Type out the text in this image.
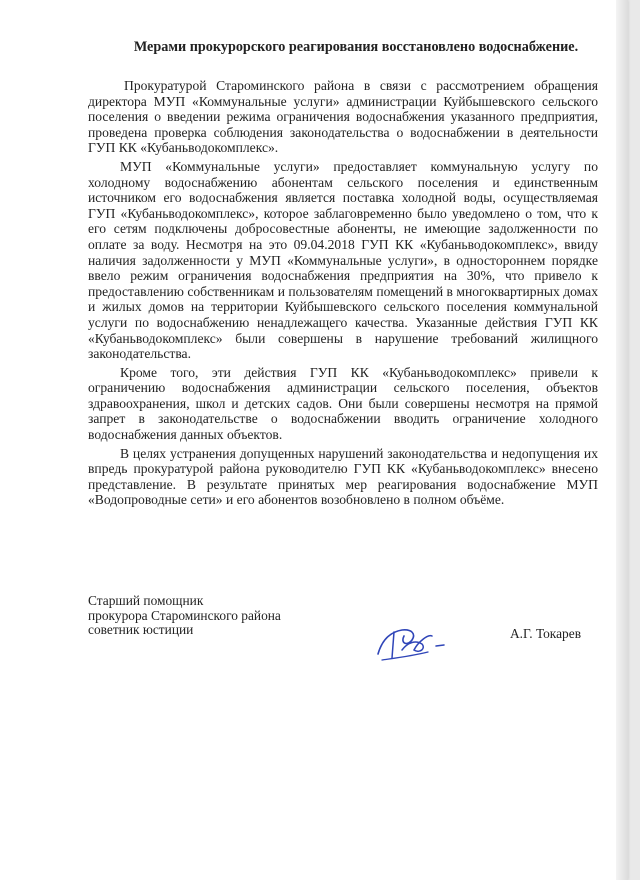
Мерами прокурорского реагирования восстановлено водоснабжение.

Прокуратурой Староминского района в связи с рассмотрением обращения директора МУП «Коммунальные услуги» администрации Куйбышевского сельского поселения о введении режима ограничения водоснабжения указанного предприятия, проведена проверка соблюдения законодательства о водоснабжении в деятельности ГУП КК «Кубаньводокомплекс».

МУП «Коммунальные услуги» предоставляет коммунальную услугу по холодному водоснабжению абонентам сельского поселения и единственным источником его водоснабжения является поставка холодной воды, осуществляемая ГУП «Кубаньводокомплекс», которое заблаговременно было уведомлено о том, что к его сетям подключены добросовестные абоненты, не имеющие задолженности по оплате за воду. Несмотря на это 09.04.2018 ГУП КК «Кубаньводокомплекс», ввиду наличия задолженности у МУП «Коммунальные услуги», в одностороннем порядке ввело режим ограничения водоснабжения предприятия на 30%, что привело к предоставлению собственникам и пользователям помещений в многоквартирных домах и жилых домов на территории Куйбышевского сельского поселения коммунальной услуги по водоснабжению ненадлежащего качества. Указанные действия ГУП КК «Кубаньводокомплекс» были совершены в нарушение требований жилищного законодательства.

Кроме того, эти действия ГУП КК «Кубаньводокомплекс» привели к ограничению водоснабжения администрации сельского поселения, объектов здравоохранения, школ и детских садов. Они были совершены несмотря на прямой запрет в законодательстве о водоснабжении вводить ограничение холодного водоснабжения данных объектов.

В целях устранения допущенных нарушений законодательства и недопущения их впредь прокуратурой района руководителю ГУП КК «Кубаньводокомплекс» внесено представление. В результате принятых мер реагирования водоснабжение МУП «Водопроводные сети» и его абонентов возобновлено в полном объёме.

Старший помощник
прокурора Староминского района
советник юстиции	А.Г. Токарев
